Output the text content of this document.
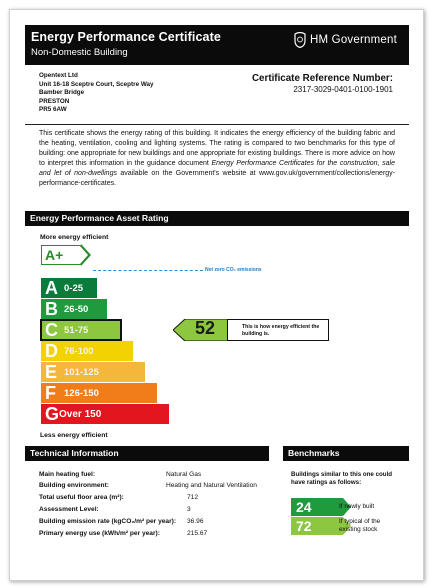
Energy Performance Certificate
Non-Domestic Building
HM Government
Opentext Ltd
Unit 16-18 Sceptre Court, Sceptre Way
Bamber Bridge
PRESTON
PR5 6AW
Certificate Reference Number:
2317-3029-0401-0100-1901
This certificate shows the energy rating of this building. It indicates the energy efficiency of the building fabric and the heating, ventilation, cooling and lighting systems. The rating is compared to two benchmarks for this type of building: one appropriate for new buildings and one appropriate for existing buildings. There is more advice on how to interpret this information in the guidance document Energy Performance Certificates for the construction, sale and let of non-dwellings available on the Government's website at www.gov.uk/government/collections/energy-performance-certificates.
Energy Performance Asset Rating
More energy efficient
A+
Net zero CO₂ emissions
A 0-25
B 26-50
C 51-75
D 76-100
E 101-125
F 126-150
G Over 150
52	This is how energy efficient the building is.
Less energy efficient
Technical Information	Benchmarks
Main heating fuel:	Natural Gas
Building environment:	Heating and Natural Ventilation
Total useful floor area (m²):	712
Assessment Level:	3
Building emission rate (kgCO₂/m² per year): 36.96
Primary energy use (kWh/m² per year):	215.67
Buildings similar to this one could have ratings as follows:
24	If newly built
72	If typical of the existing stock
